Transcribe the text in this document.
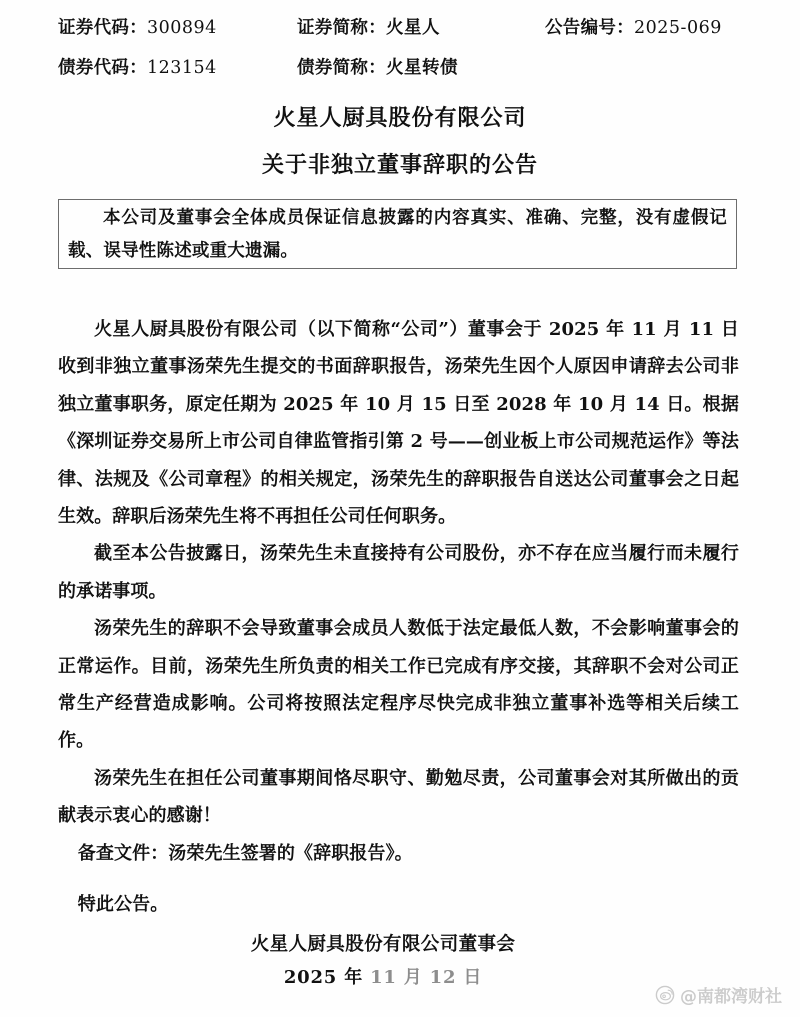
证券代码：300894	证券简称：火星人	公告编号：2025-069
债券代码：123154	债券简称：火星转债
火星人厨具股份有限公司
关于非独立董事辞职的公告
本公司及董事会全体成员保证信息披露的内容真实、准确、完整，没有虚假记载、误导性陈述或重大遗漏。

火星人厨具股份有限公司（以下简称“公司”）董事会于 2025 年 11 月 11 日收到非独立董事汤荣先生提交的书面辞职报告，汤荣先生因个人原因申请辞去公司非独立董事职务，原定任期为 2025 年 10 月 15 日至 2028 年 10 月 14 日。根据《深圳证券交易所上市公司自律监管指引第 2 号——创业板上市公司规范运作》等法律、法规及《公司章程》的相关规定，汤荣先生的辞职报告自送达公司董事会之日起生效。辞职后汤荣先生将不再担任公司任何职务。

截至本公告披露日，汤荣先生未直接持有公司股份，亦不存在应当履行而未履行的承诺事项。

汤荣先生的辞职不会导致董事会成员人数低于法定最低人数，不会影响董事会的正常运作。目前，汤荣先生所负责的相关工作已完成有序交接，其辞职不会对公司正常生产经营造成影响。公司将按照法定程序尽快完成非独立董事补选等相关后续工作。

汤荣先生在担任公司董事期间恪尽职守、勤勉尽责，公司董事会对其所做出的贡献表示衷心的感谢！

备查文件：汤荣先生签署的《辞职报告》。

特此公告。

火星人厨具股份有限公司董事会
2025 年 11 月 12 日
@南都湾财社
